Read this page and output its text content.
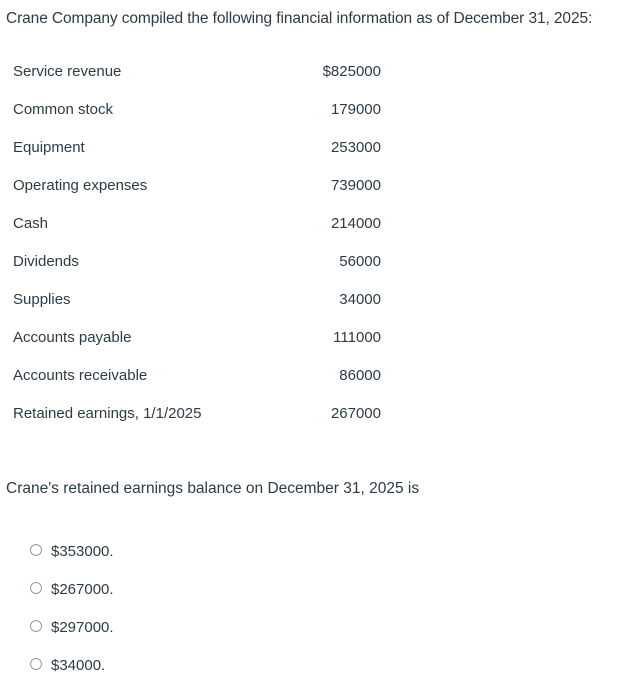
Crane Company compiled the following financial information as of December 31, 2025:
Service revenue	$825000
Common stock	179000
Equipment	253000
Operating expenses	739000
Cash	214000
Dividends	56000
Supplies	34000
Accounts payable	111000
Accounts receivable	86000
Retained earnings, 1/1/2025	267000
Crane's retained earnings balance on December 31, 2025 is
$353000.
$267000.
$297000.
$34000.
